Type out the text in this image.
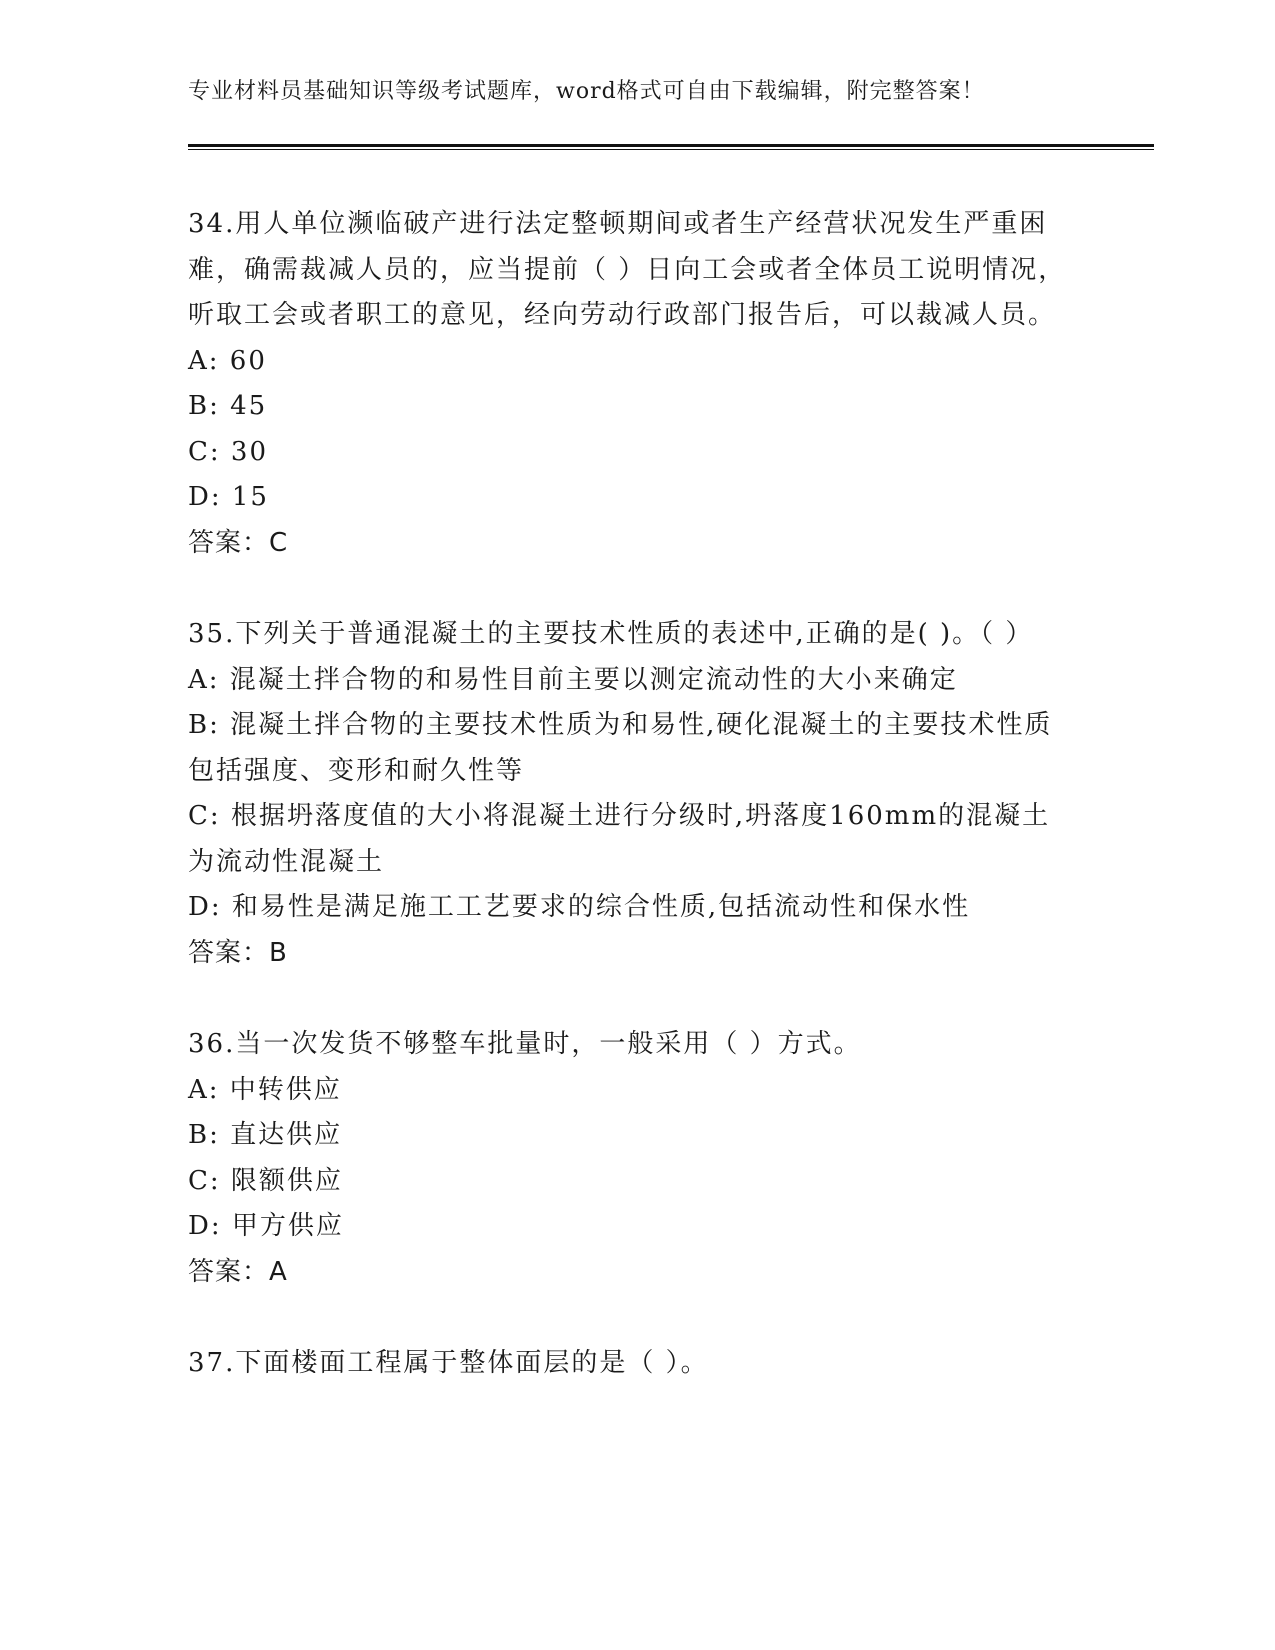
专业材料员基础知识等级考试题库，word格式可自由下载编辑，附完整答案！

34.用人单位濒临破产进行法定整顿期间或者生产经营状况发生严重困难，确需裁减人员的，应当提前（ ）日向工会或者全体员工说明情况，听取工会或者职工的意见，经向劳动行政部门报告后，可以裁减人员。

A: 60

B: 45

C: 30

D: 15

答案：C

35.下列关于普通混凝土的主要技术性质的表述中,正确的是( )。（ ）

A: 混凝土拌合物的和易性目前主要以测定流动性的大小来确定

B: 混凝土拌合物的主要技术性质为和易性,硬化混凝土的主要技术性质包括强度、变形和耐久性等

C: 根据坍落度值的大小将混凝土进行分级时,坍落度160mm的混凝土为流动性混凝土

D: 和易性是满足施工工艺要求的综合性质,包括流动性和保水性

答案：B

36.当一次发货不够整车批量时，一般采用（ ）方式。

A: 中转供应

B: 直达供应

C: 限额供应

D: 甲方供应

答案：A

37.下面楼面工程属于整体面层的是（ ）。
